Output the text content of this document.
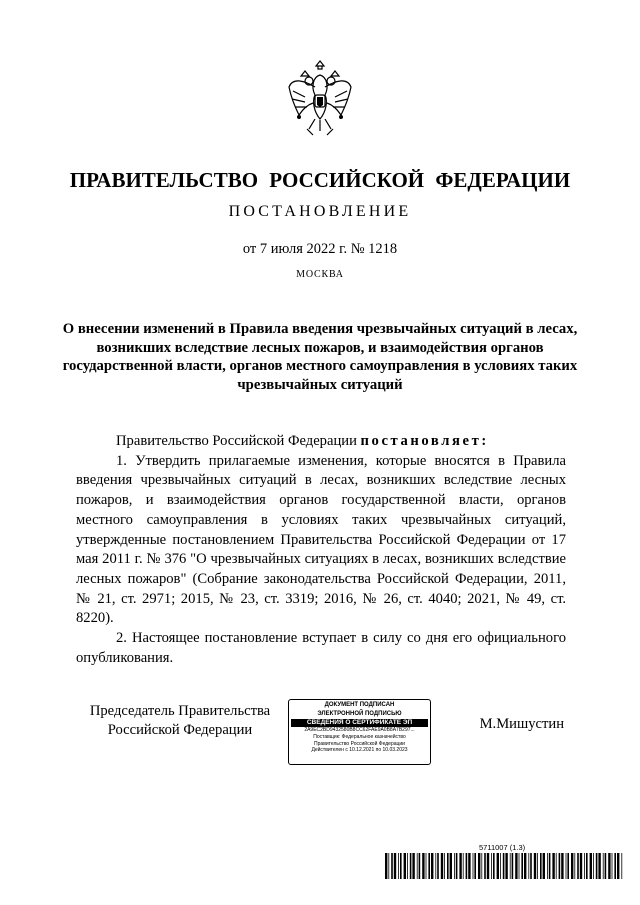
ПРАВИТЕЛЬСТВО РОССИЙСКОЙ ФЕДЕРАЦИИ
ПОСТАНОВЛЕНИЕ
от 7 июля 2022 г. № 1218
МОСКВА
О внесении изменений в Правила введения чрезвычайных ситуаций в лесах, возникших вследствие лесных пожаров, и взаимодействия органов государственной власти, органов местного самоуправления в условиях таких чрезвычайных ситуаций

Правительство Российской Федерации постановляет:

1. Утвердить прилагаемые изменения, которые вносятся в Правила введения чрезвычайных ситуаций в лесах, возникших вследствие лесных пожаров, и взаимодействия органов государственной власти, органов местного самоуправления в условиях таких чрезвычайных ситуаций, утвержденные постановлением Правительства Российской Федерации от 17 мая 2011 г. № 376 "О чрезвычайных ситуациях в лесах, возникших вследствие лесных пожаров" (Собрание законодательства Российской Федерации, 2011, № 21, ст. 2971; 2015, № 23, ст. 3319; 2016, № 26, ст. 4040; 2021, № 49, ст. 8220).

2. Настоящее постановление вступает в силу со дня его официального опубликования.

Председатель Правительства
Российской Федерации
ДОКУМЕНТ ПОДПИСАН
ЭЛЕКТРОННОЙ ПОДПИСЬЮ
СВЕДЕНИЯ О СЕРТИФИКАТЕ ЭП
2A9EC2BD9432580B8CC62FAE9A0B8A7B297...
Поставщик: Федеральное казначейство
Правительство Российской Федерации
Действителен с 10.12.2021 по 10.03.2023
М.Мишустин
5711007 (1.3)
